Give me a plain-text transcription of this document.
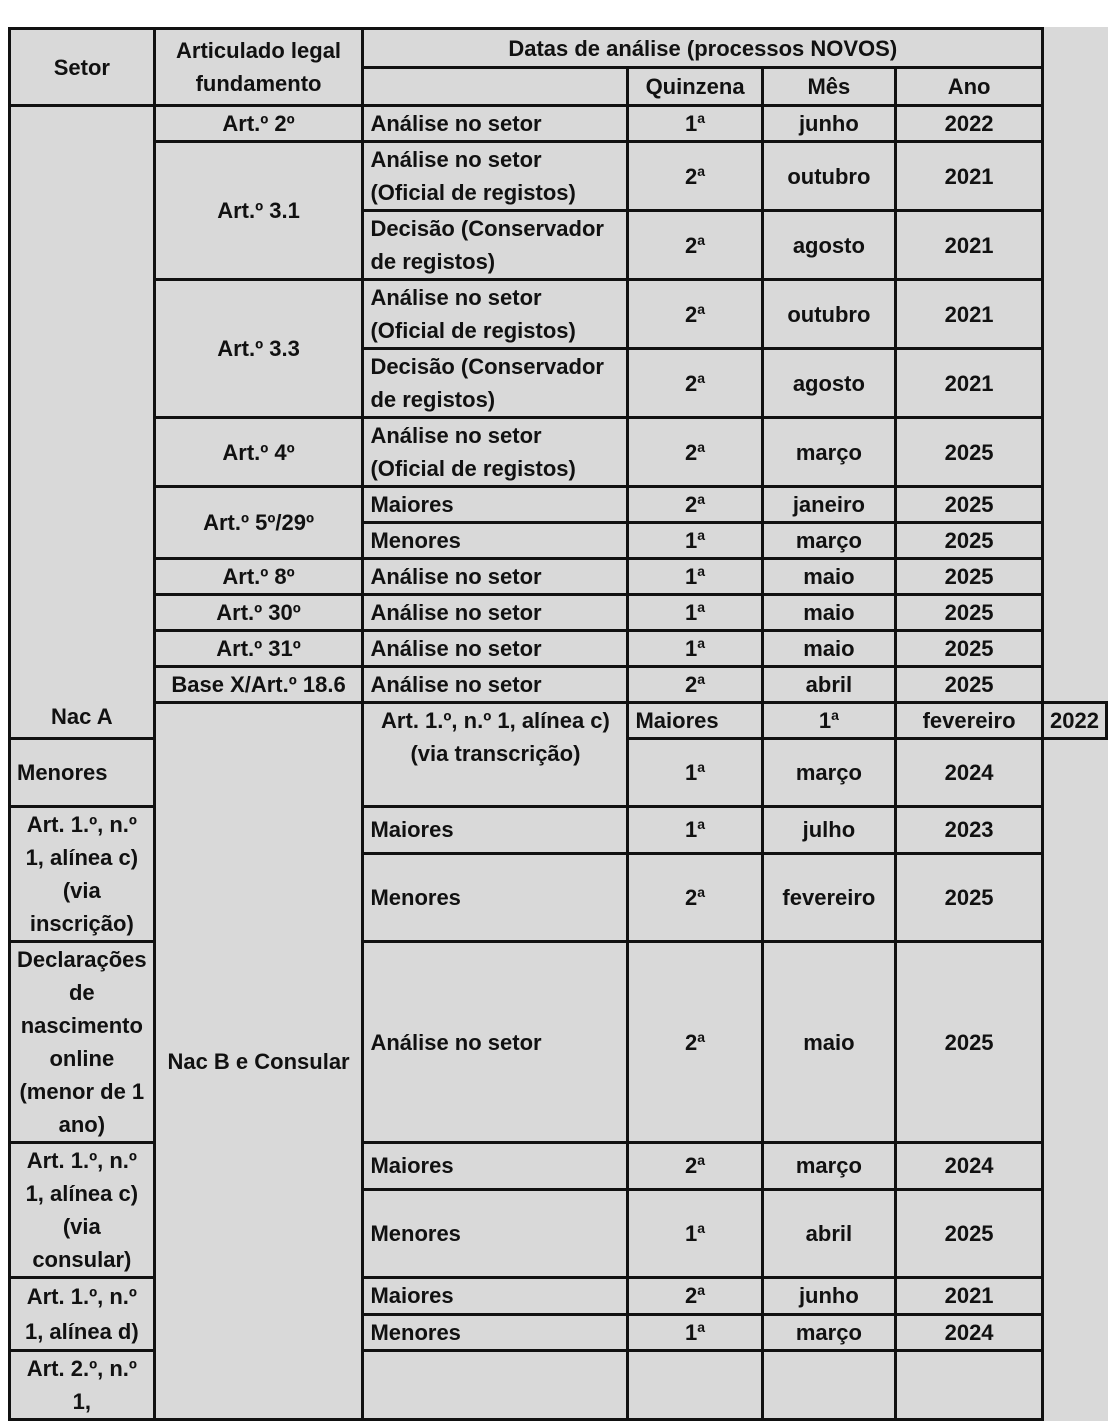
Setor	Articulado legal fundamento	Datas de análise (processos NOVOS)				
			Quinzena	Mês	Ano	
Nac A	Art.º 2º	Análise no setor	1$^a$	junho	2022	
	Art.º 3.1	Análise no setor (Oficial de registos)	2$^a$	outubro	2021	
		Decisão (Conservador de registos)	2$^a$	agosto	2021	
	Art.º 3.3	Análise no setor (Oficial de registos)	2$^a$	outubro	2021	
		Decisão (Conservador de registos)	2$^a$	agosto	2021	
	Art.º 4º	Análise no setor (Oficial de registos)	2$^a$	março	2025	
	Art.º 5º/29º	Maiores	2$^a$	janeiro	2025	
		Menores	1$^a$	março	2025	
	Art.º 8º	Análise no setor	1$^a$	maio	2025	
	Art.º 30º	Análise no setor	1$^a$	maio	2025	
	Art.º 31º	Análise no setor	1$^a$	maio	2025	
	Base X/Art.º 18.6	Análise no setor	2$^a$	abril	2025	
	Nac B e Consular	Art. 1.º, n.º 1, alínea c) (via transcrição)	Maiores	1$^a$	fevereiro	2022
Menores			1$^a$	março	2024	
Art. 1.º, n.º 1, alínea c) (via inscrição)		Maiores	1$^a$	julho	2023	
		Menores	2$^a$	fevereiro	2025	
Declarações de nascimento online (menor de 1 ano)		Análise no setor	2$^a$	maio	2025	
Art. 1.º, n.º 1, alínea c) (via consular)		Maiores	2$^a$	março	2024	
		Menores	1$^a$	abril	2025	
Art. 1.º, n.º 1, alínea d)		Maiores	2$^a$	junho	2021	
		Menores	1$^a$	março	2024	
Art. 2.º, n.º 1,						
